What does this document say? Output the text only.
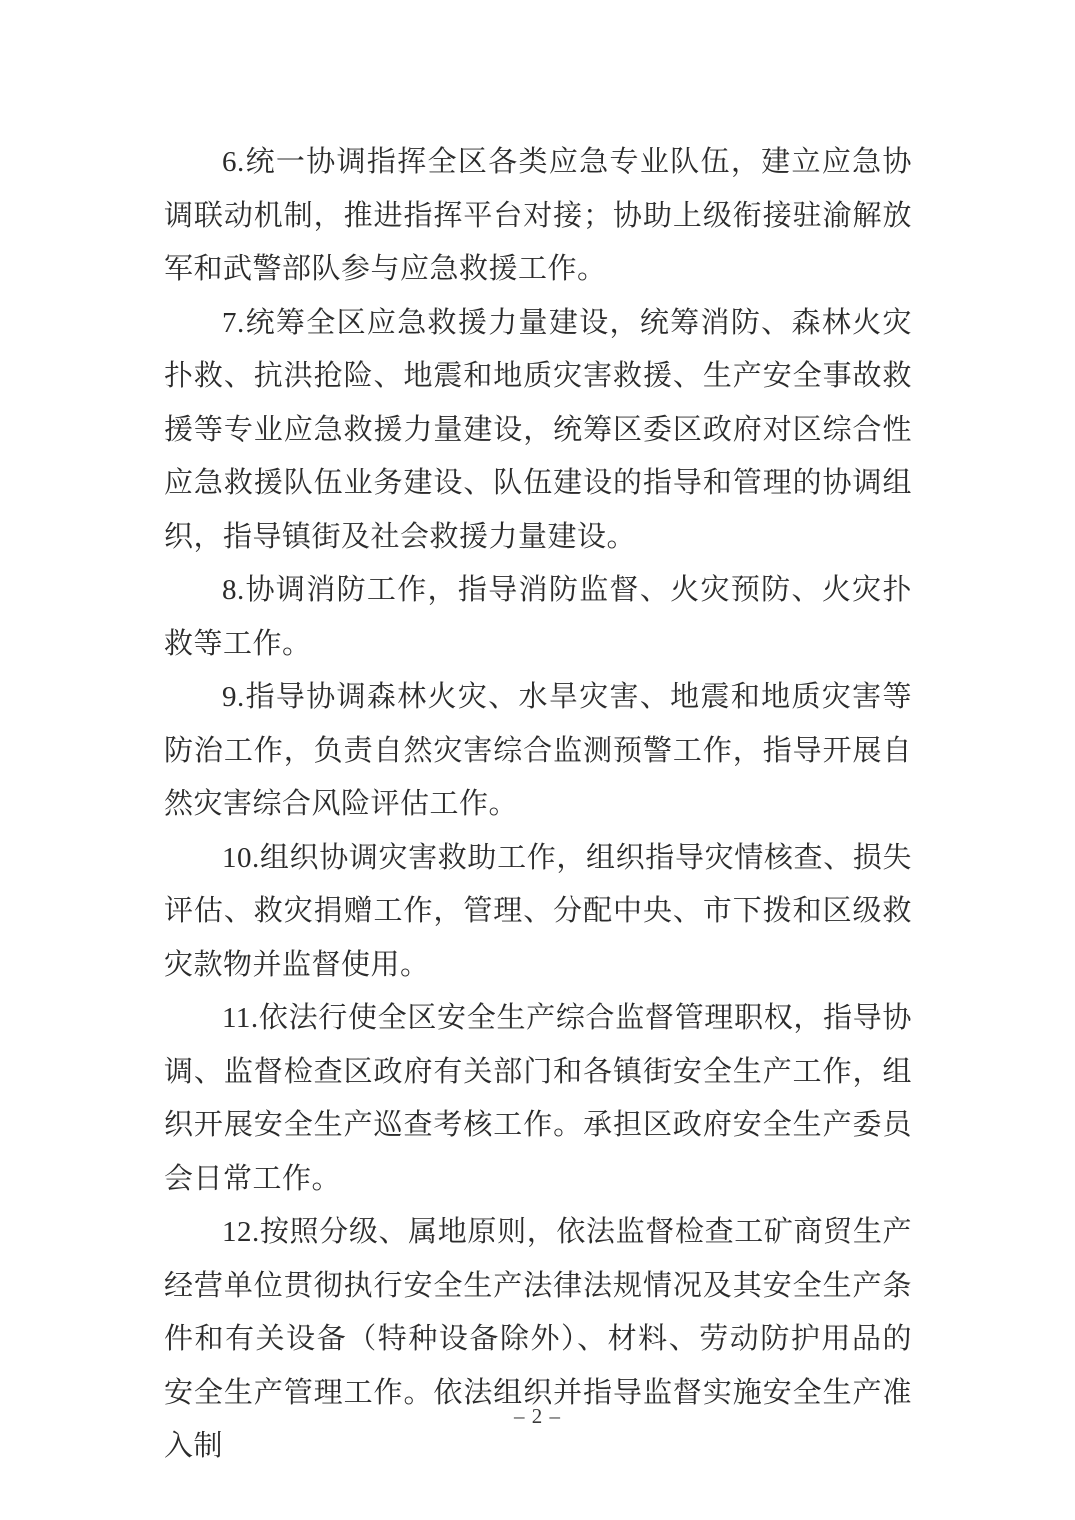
6.统一协调指挥全区各类应急专业队伍，建立应急协调联动机制，推进指挥平台对接；协助上级衔接驻渝解放军和武警部队参与应急救援工作。

7.统筹全区应急救援力量建设，统筹消防、森林火灾扑救、抗洪抢险、地震和地质灾害救援、生产安全事故救援等专业应急救援力量建设，统筹区委区政府对区综合性应急救援队伍业务建设、队伍建设的指导和管理的协调组织，指导镇街及社会救援力量建设。

8.协调消防工作，指导消防监督、火灾预防、火灾扑救等工作。

9.指导协调森林火灾、水旱灾害、地震和地质灾害等防治工作，负责自然灾害综合监测预警工作，指导开展自然灾害综合风险评估工作。

10.组织协调灾害救助工作，组织指导灾情核查、损失评估、救灾捐赠工作，管理、分配中央、市下拨和区级救灾款物并监督使用。

11.依法行使全区安全生产综合监督管理职权，指导协调、监督检查区政府有关部门和各镇街安全生产工作，组织开展安全生产巡查考核工作。承担区政府安全生产委员会日常工作。

12.按照分级、属地原则，依法监督检查工矿商贸生产经营单位贯彻执行安全生产法律法规情况及其安全生产条件和有关设备（特种设备除外）、材料、劳动防护用品的安全生产管理工作。依法组织并指导监督实施安全生产准入制

– 2 –
